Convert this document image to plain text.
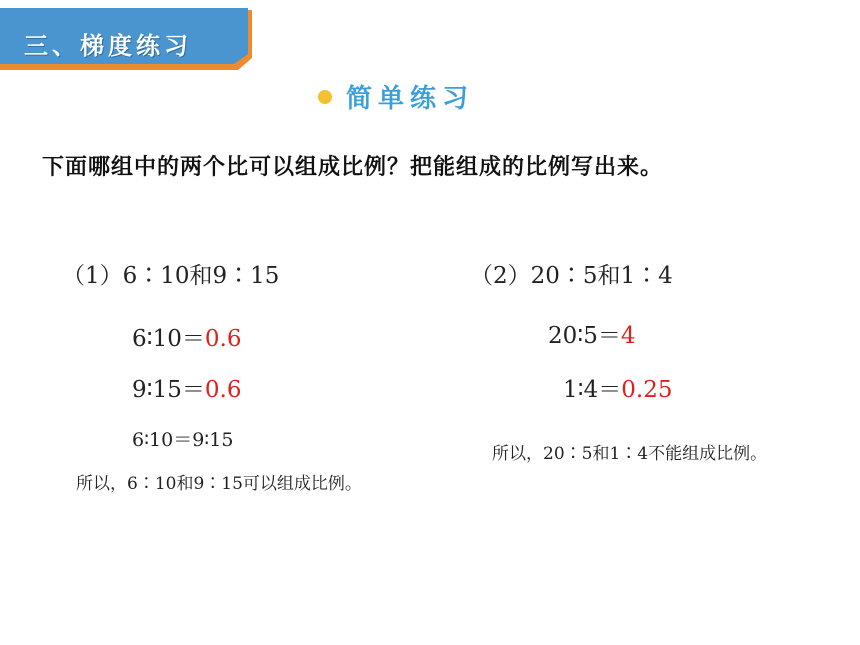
三、梯度练习
简单练习
下面哪组中的两个比可以组成比例？把能组成的比例写出来。
（1）6∶10和9∶15
6∶10＝0.6
9∶15＝0.6
6∶10＝9∶15
所以，6∶10和9∶15可以组成比例。
（2）20∶5和1∶4
20∶5＝4
1∶4＝0.25
所以，20∶5和1∶4不能组成比例。
